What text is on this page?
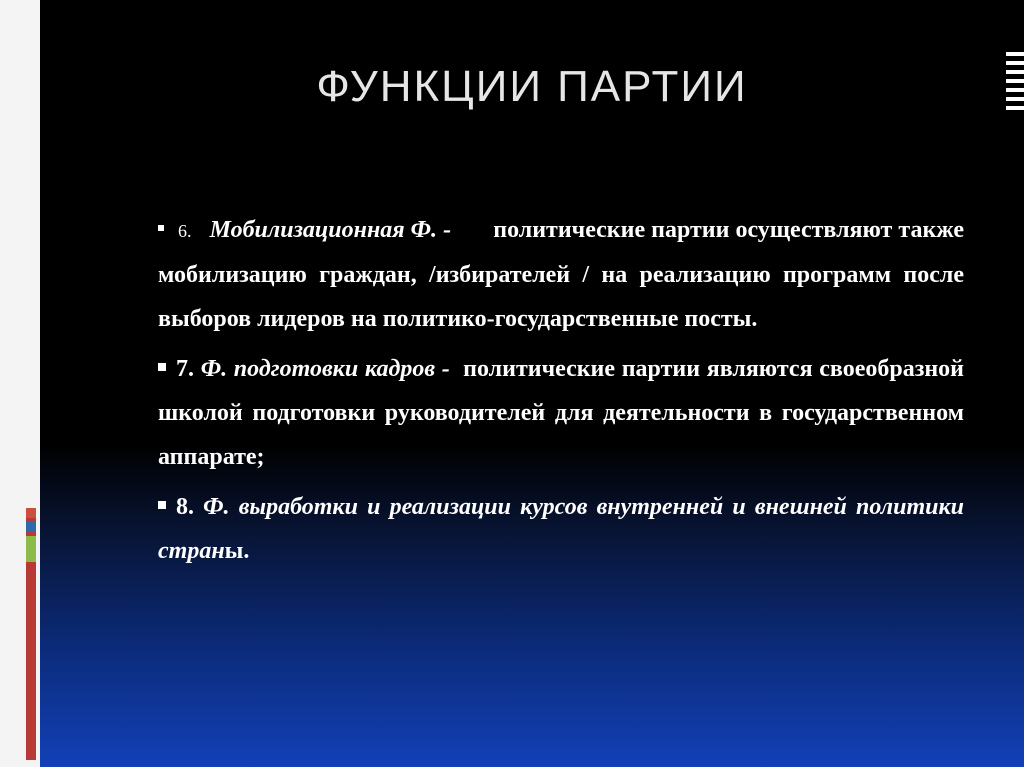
ФУНКЦИИ ПАРТИИ

6. Мобилизационная Ф. - политические партии осуществляют также мобилизацию граждан, /избирателей / на реализацию программ после выборов лидеров на политико-государственные посты.

7. Ф. подготовки кадров - политические партии являются своеобразной школой подготовки руководителей для деятельности в государственном аппарате;

8. Ф. выработки и реализации курсов внутренней и внешней политики страны.
